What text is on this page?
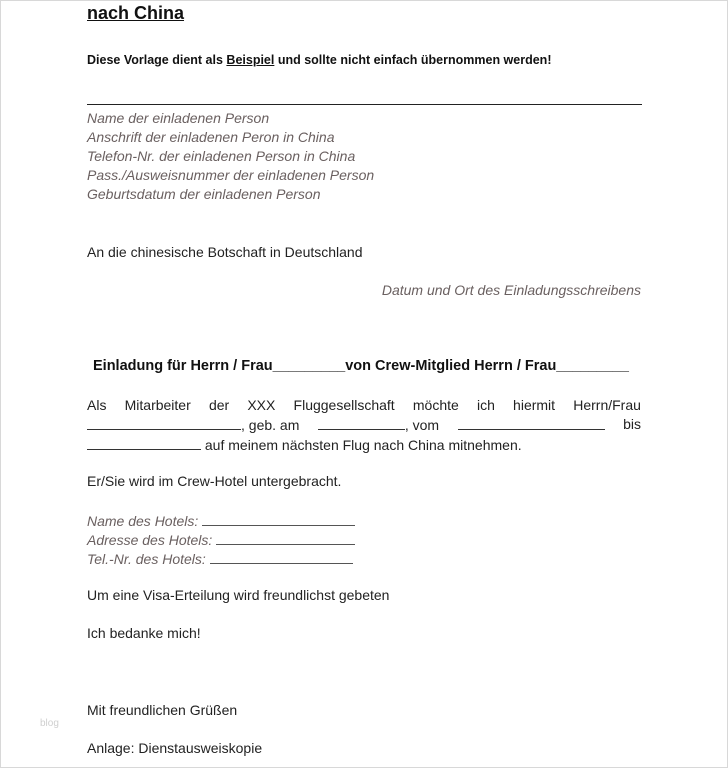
nach China
Diese Vorlage dient als Beispiel und sollte nicht einfach übernommen werden!
Name der einladenen Person
Anschrift der einladenen Peron in China
Telefon-Nr. der einladenen Person in China
Pass./Ausweisnummer der einladenen Person
Geburtsdatum der einladenen Person
An die chinesische Botschaft in Deutschland
Datum und Ort des Einladungsschreibens
Einladung für Herrn / Frau_________von Crew-Mitglied Herrn / Frau_________
Als Mitarbeiter der XXX Fluggesellschaft möchte ich hiermit Herrn/Frau
, geb. am	, vom	bis
auf meinem nächsten Flug nach China mitnehmen.
Er/Sie wird im Crew-Hotel untergebracht.
Name des Hotels:
Adresse des Hotels:
Tel.-Nr. des Hotels:
Um eine Visa-Erteilung wird freundlichst gebeten
Ich bedanke mich!
Mit freundlichen Grüßen
Anlage: Dienstausweiskopie
blog
